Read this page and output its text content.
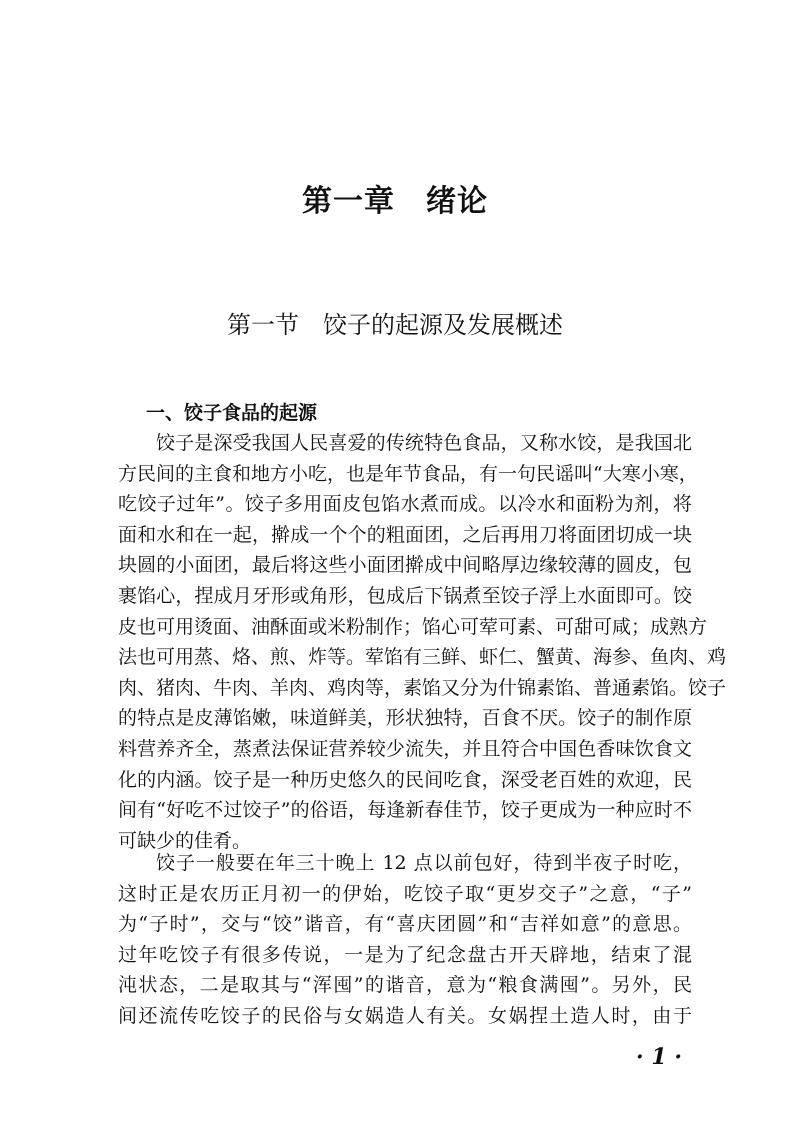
第一章　绪论
第一节　饺子的起源及发展概述
一、饺子食品的起源
饺子是深受我国人民喜爱的传统特色食品，又称水饺，是我国北
方民间的主食和地方小吃，也是年节食品，有一句民谣叫“大寒小寒，
吃饺子过年”。饺子多用面皮包馅水煮而成。以冷水和面粉为剂，将
面和水和在一起，擀成一个个的粗面团，之后再用刀将面团切成一块
块圆的小面团，最后将这些小面团擀成中间略厚边缘较薄的圆皮，包
裹馅心，捏成月牙形或角形，包成后下锅煮至饺子浮上水面即可。饺
皮也可用烫面、油酥面或米粉制作；馅心可荤可素、可甜可咸；成熟方
法也可用蒸、烙、煎、炸等。荤馅有三鲜、虾仁、蟹黄、海参、鱼肉、鸡
肉、猪肉、牛肉、羊肉、鸡肉等，素馅又分为什锦素馅、普通素馅。饺子
的特点是皮薄馅嫩，味道鲜美，形状独特，百食不厌。饺子的制作原
料营养齐全，蒸煮法保证营养较少流失，并且符合中国色香味饮食文
化的内涵。饺子是一种历史悠久的民间吃食，深受老百姓的欢迎，民
间有“好吃不过饺子”的俗语，每逢新春佳节，饺子更成为一种应时不
可缺少的佳肴。
饺子一般要在年三十晚上 12 点以前包好，待到半夜子时吃，
这时正是农历正月初一的伊始，吃饺子取“更岁交子”之意，“子”
为“子时”，交与“饺”谐音，有“喜庆团圆”和“吉祥如意”的意思。
过年吃饺子有很多传说，一是为了纪念盘古开天辟地，结束了混
沌状态，二是取其与“浑囤”的谐音，意为“粮食满囤”。另外，民
间还流传吃饺子的民俗与女娲造人有关。女娲捏土造人时，由于
· 1 ·
